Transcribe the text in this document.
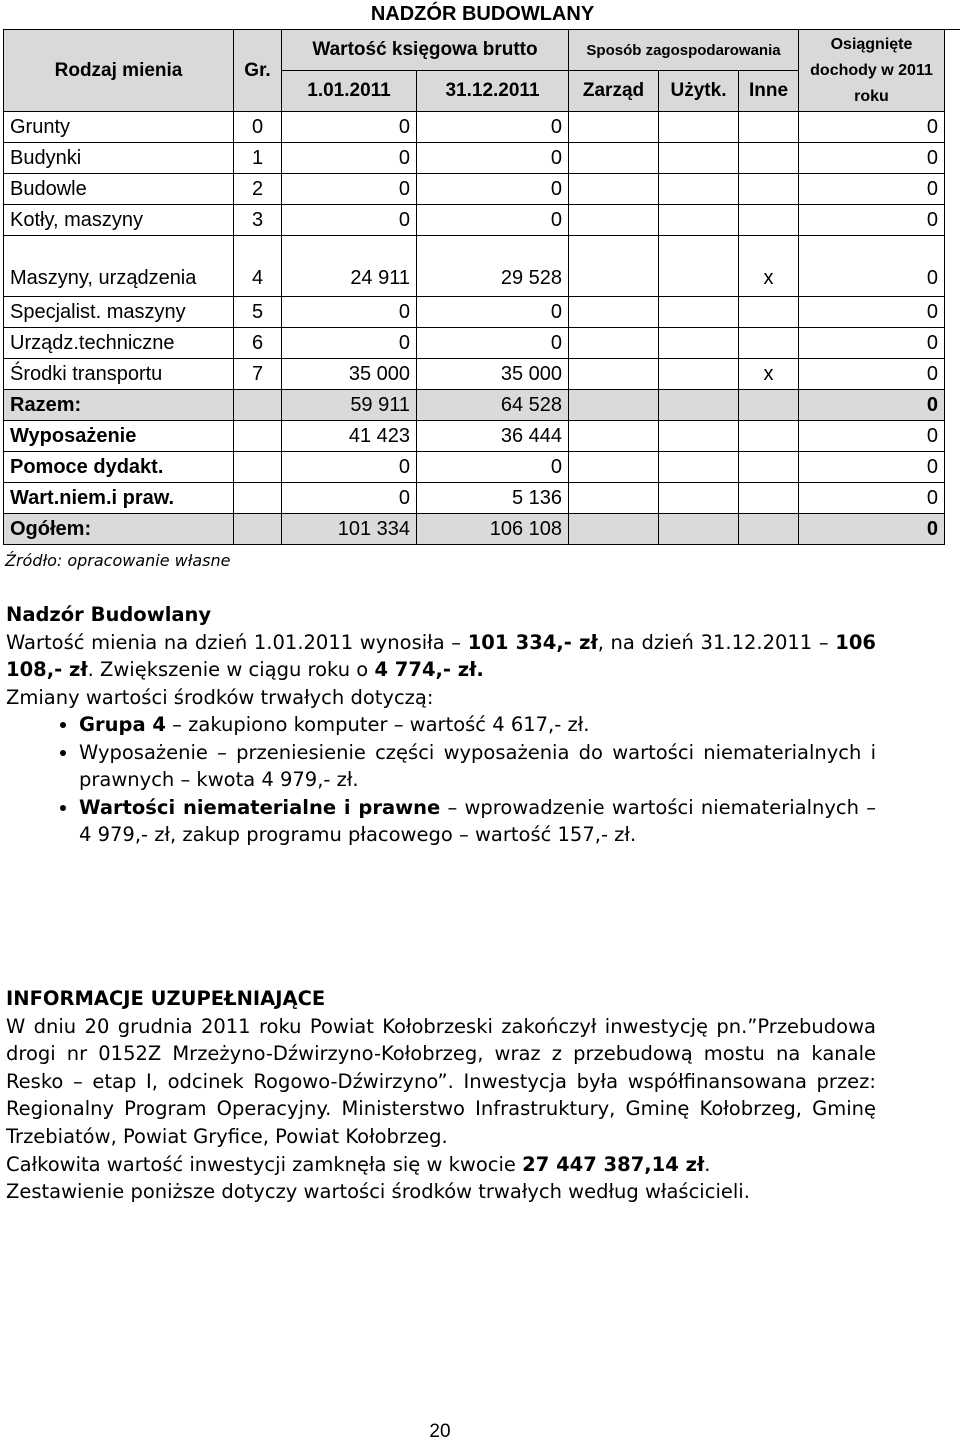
NADZÓR BUDOWLANY
Rodzaj mienia	Gr.	Wartość księgowa brutto		Sposób zagospodarowania			Osiągnięte dochody w 2011 roku
		1.01.2011	31.12.2011	Zarząd	Użytk.	Inne	
Grunty	0	0	0				0
Budynki	1	0	0				0
Budowle	2	0	0				0
Kotły, maszyny	3	0	0				0
Maszyny, urządzenia	4	24 911	29 528			x	0
Specjalist. maszyny	5	0	0				0
Urządz.techniczne	6	0	0				0
Środki transportu	7	35 000	35 000			x	0
Razem:		59 911	64 528				0
Wyposażenie		41 423	36 444				0
Pomoce dydakt.		0	0				0
Wart.niem.i praw.		0	5 136				0
Ogółem:		101 334	106 108				0
Źródło: opracowanie własne

Nadzór Budowlany

Wartość mienia na dzień 1.01.2011 wynosiła – 101 334,- zł, na dzień 31.12.2011 – 106 108,- zł. Zwiększenie w ciągu roku o 4 774,- zł.

Zmiany wartości środków trwałych dotyczą:

• Grupa 4 – zakupiono komputer – wartość 4 617,- zł.
• Wyposażenie – przeniesienie części wyposażenia do wartości niematerialnych i prawnych – kwota 4 979,- zł.
• Wartości niematerialne i prawne – wprowadzenie wartości niematerialnych – 4 979,- zł, zakup programu płacowego – wartość 157,- zł.

INFORMACJE UZUPEŁNIAJĄCE

W dniu 20 grudnia 2011 roku Powiat Kołobrzeski zakończył inwestycję pn.”Przebudowa drogi nr 0152Z Mrzeżyno-Dźwirzyno-Kołobrzeg, wraz z przebudową mostu na kanale Resko – etap I, odcinek Rogowo-Dźwirzyno”. Inwestycja była współfinansowana przez: Regionalny Program Operacyjny. Ministerstwo Infrastruktury, Gminę Kołobrzeg, Gminę Trzebiatów, Powiat Gryfice, Powiat Kołobrzeg.

Całkowita wartość inwestycji zamknęła się w kwocie 27 447 387,14 zł.

Zestawienie poniższe dotyczy wartości środków trwałych według właścicieli.

20
